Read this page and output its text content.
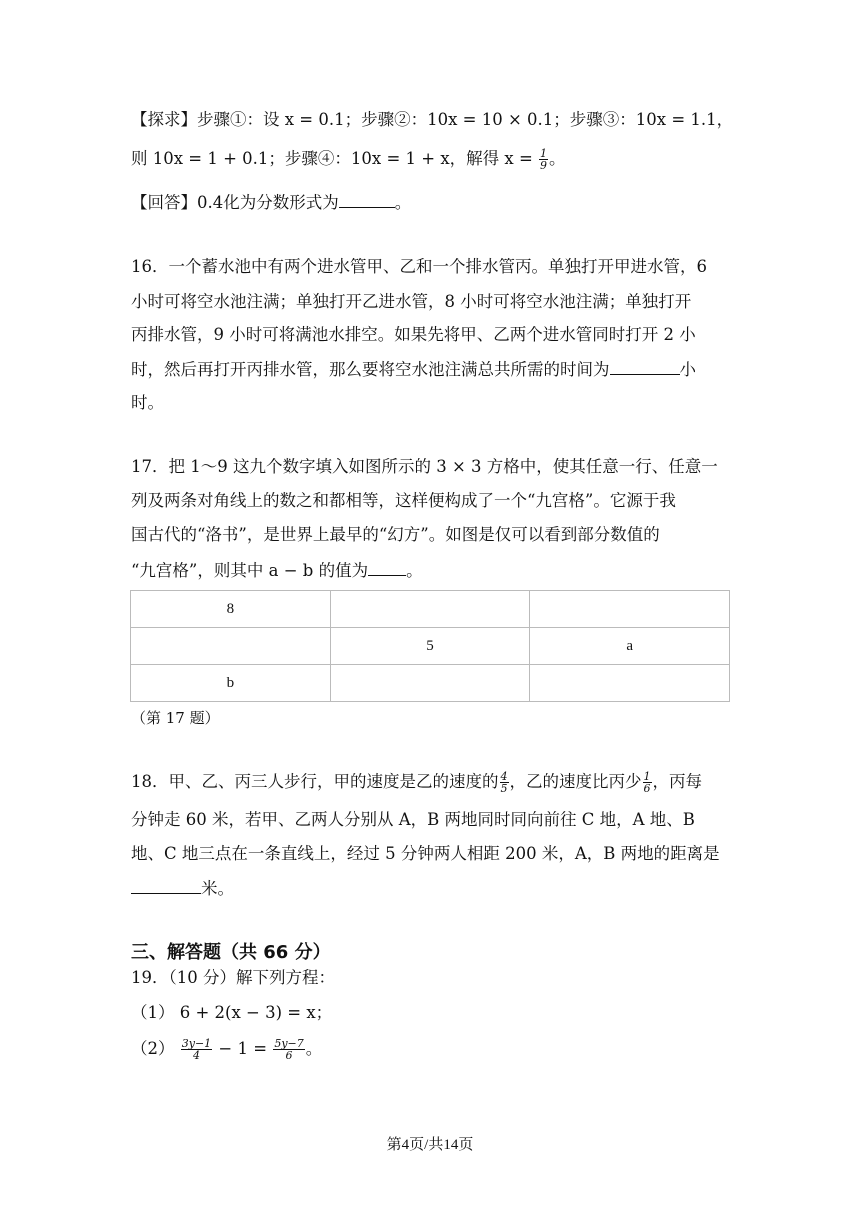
【探求】步骤①：设 x = 0.1；步骤②：10x = 10 × 0.1；步骤③：10x = 1.1，
则 10x = 1 + 0.1；步骤④：10x = 1 + x，解得 $x = \frac{1}{9}$ 。
【回答】0.4化为分数形式为	。
16．一个蓄水池中有两个进水管甲、乙和一个排水管丙。单独打开甲进水管，6
小时可将空水池注满；单独打开乙进水管，8 小时可将空水池注满；单独打开
丙排水管，9 小时可将满池水排空。如果先将甲、乙两个进水管同时打开 2 小
时，然后再打开丙排水管，那么要将空水池注满总共所需的时间为	小
时。
17．把 1～9 这九个数字填入如图所示的 3 × 3 方格中，使其任意一行、任意一
列及两条对角线上的数之和都相等，这样便构成了一个“九宫格”。它源于我
国古代的“洛书”，是世界上最早的“幻方”。如图是仅可以看到部分数值的
“九宫格”，则其中 a − b 的值为 。
8		
	5	a
b		
（第 17 题）
18．甲、乙、丙三人步行，甲的速度是乙的速度的 $\frac{4}{5}$ ，乙的速度比丙少 $\frac{1}{6}$ ，丙每
分钟走 60 米，若甲、乙两人分别从 A，B 两地同时同向前往 C 地，A 地、B
地、C 地三点在一条直线上，经过 5 分钟两人相距 200 米，A，B 两地的距离是
米。
三、解答题（共 66 分）
19．（10 分）解下列方程：
（1） 6 + 2(x − 3) = x；
$(2) \frac{3y-1}{4} - 1 = \frac{5y-7}{6}$ 。
第4页/共14页
